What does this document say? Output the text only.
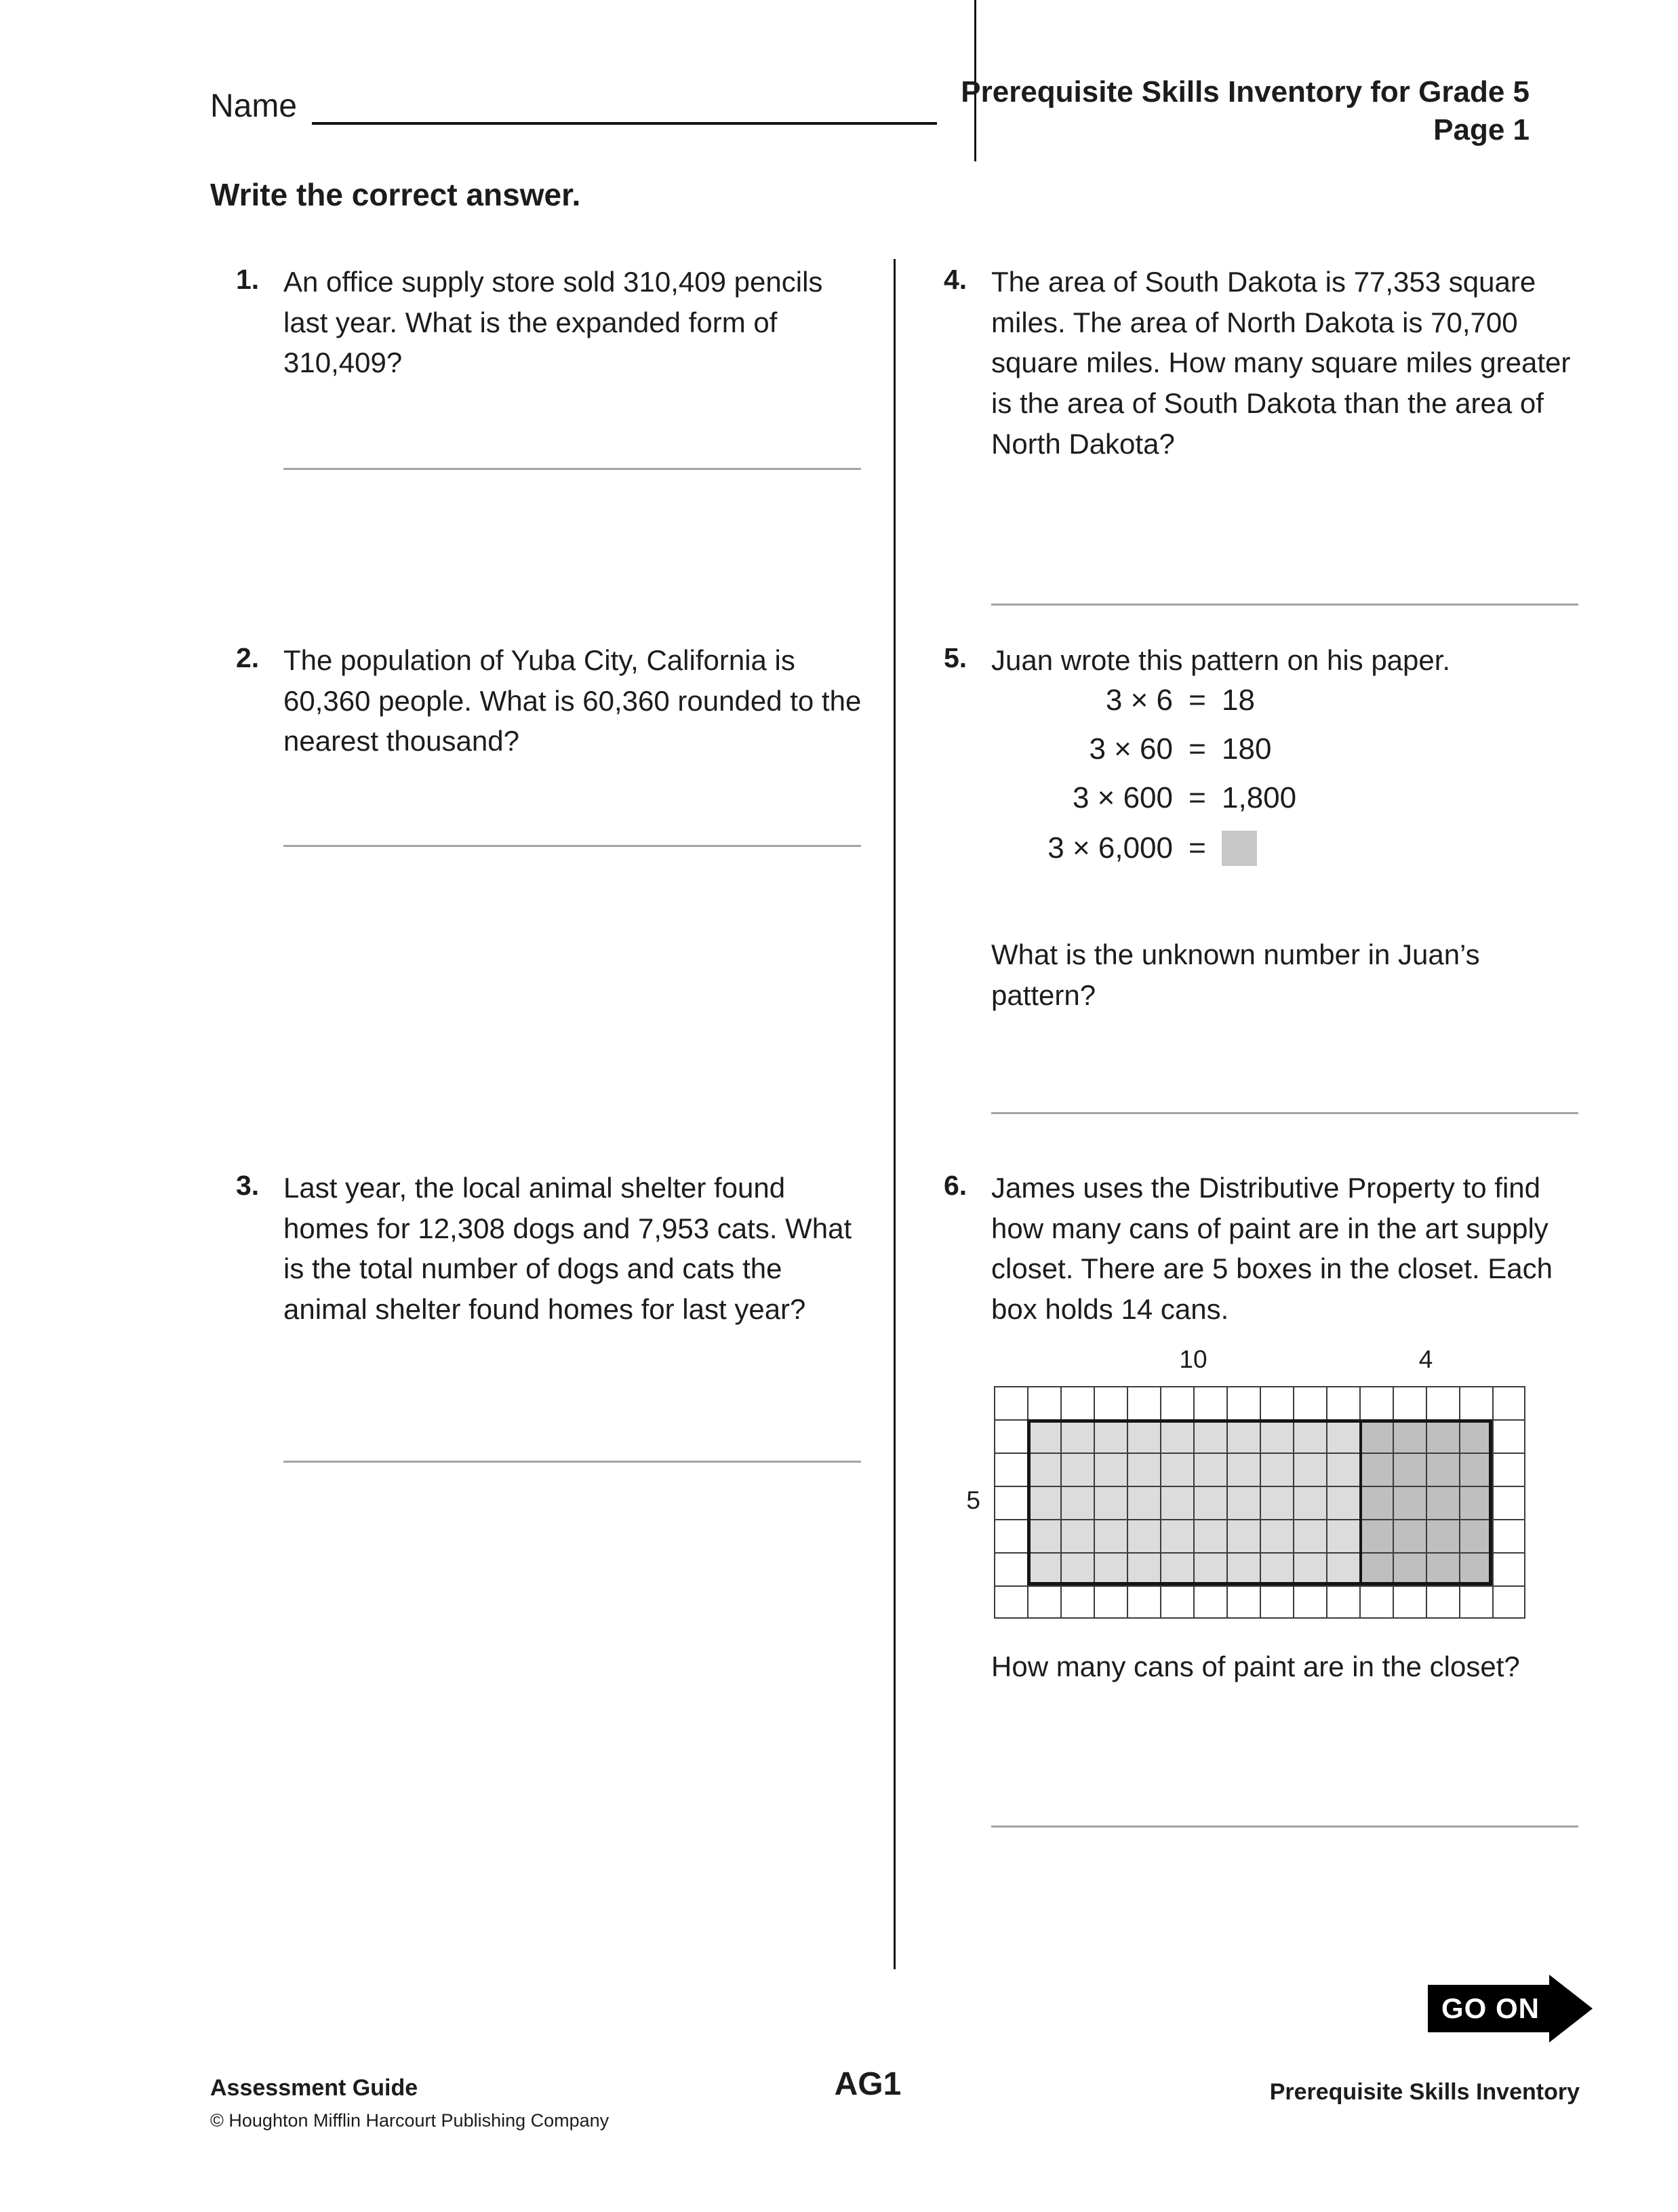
Name	Prerequisite Skills Inventory for Grade 5
Page 1
Write the correct answer.
1. An office supply store sold 310,409 pencils last year. What is the expanded form of 310,409?
2. The population of Yuba City, California is 60,360 people. What is 60,360 rounded to the nearest thousand?
3. Last year, the local animal shelter found homes for 12,308 dogs and 7,953 cats. What is the total number of dogs and cats the animal shelter found homes for last year?
4. The area of South Dakota is 77,353 square miles. The area of North Dakota is 70,700 square miles. How many square miles greater is the area of South Dakota than the area of North Dakota?
5. Juan wrote this pattern on his paper.
3 × 6 = 18
3 × 60 = 180
3 × 600 = 1,800
3 × 6,000 =
What is the unknown number in Juan’s pattern?
6. James uses the Distributive Property to find how many cans of paint are in the art supply closet. There are 5 boxes in the closet. Each box holds 14 cans.
10	4
5
How many cans of paint are in the closet?
GO ON
Assessment Guide
© Houghton Mifflin Harcourt Publishing Company
AG1	Prerequisite Skills Inventory
